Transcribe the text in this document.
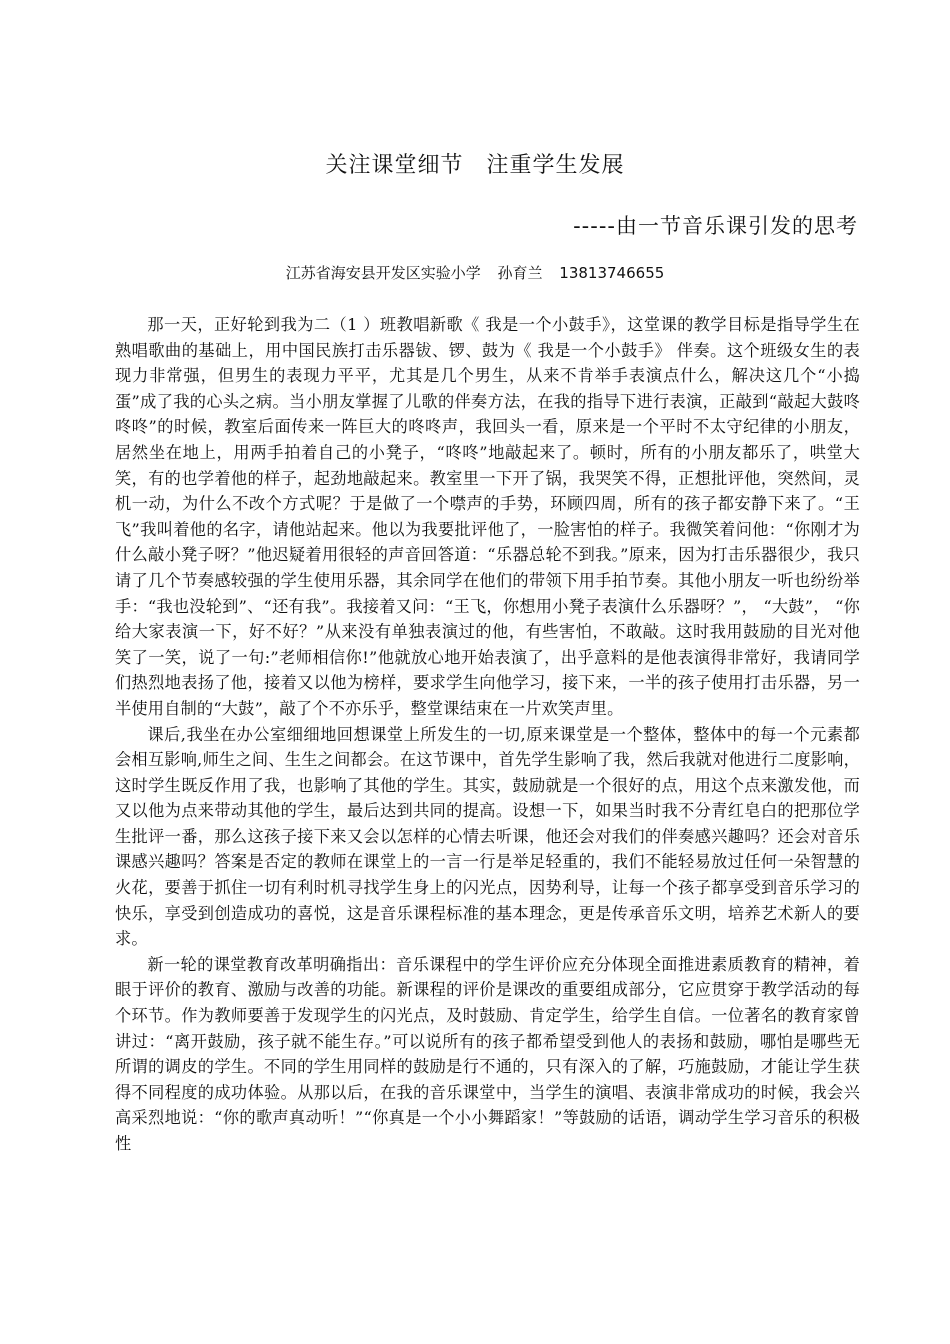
关注课堂细节　注重学生发展
-----由一节音乐课引发的思考
江苏省海安县开发区实验小学 孙育兰 13813746655

那一天，正好轮到我为二（1 ）班教唱新歌《 我是一个小鼓手》，这堂课的教学目标是指导学生在熟唱歌曲的基础上，用中国民族打击乐器钹、锣、鼓为《 我是一个小鼓手》 伴奏。这个班级女生的表现力非常强，但男生的表现力平平，尤其是几个男生，从来不肯举手表演点什么，解决这几个“小捣蛋”成了我的心头之病。当小朋友掌握了儿歌的伴奏方法，在我的指导下进行表演，正敲到“敲起大鼓咚咚咚”的时候，教室后面传来一阵巨大的咚咚声，我回头一看，原来是一个平时不太守纪律的小朋友，居然坐在地上，用两手拍着自己的小凳子，“咚咚”地敲起来了。顿时，所有的小朋友都乐了，哄堂大笑，有的也学着他的样子，起劲地敲起来。教室里一下开了锅，我哭笑不得，正想批评他，突然间，灵机一动，为什么不改个方式呢？于是做了一个噤声的手势，环顾四周，所有的孩子都安静下来了。“王飞”我叫着他的名字，请他站起来。他以为我要批评他了，一脸害怕的样子。我微笑着问他：“你刚才为什么敲小凳子呀？”他迟疑着用很轻的声音回答道：“乐器总轮不到我。”原来，因为打击乐器很少，我只请了几个节奏感较强的学生使用乐器，其余同学在他们的带领下用手拍节奏。其他小朋友一听也纷纷举手：“我也没轮到”、“还有我”。我接着又问：“王飞，你想用小凳子表演什么乐器呀？”， “大鼓”， “你给大家表演一下，好不好？”从来没有单独表演过的他，有些害怕，不敢敲。这时我用鼓励的目光对他笑了一笑，说了一句:”老师相信你!”他就放心地开始表演了，出乎意料的是他表演得非常好，我请同学们热烈地表扬了他，接着又以他为榜样，要求学生向他学习，接下来，一半的孩子使用打击乐器，另一半使用自制的“大鼓”，敲了个不亦乐乎，整堂课结束在一片欢笑声里。

课后,我坐在办公室细细地回想课堂上所发生的一切,原来课堂是一个整体，整体中的每一个元素都会相互影响,师生之间、生生之间都会。在这节课中，首先学生影响了我，然后我就对他进行二度影响，这时学生既反作用了我，也影响了其他的学生。其实，鼓励就是一个很好的点，用这个点来激发他，而又以他为点来带动其他的学生，最后达到共同的提高。设想一下，如果当时我不分青红皂白的把那位学生批评一番，那么这孩子接下来又会以怎样的心情去听课，他还会对我们的伴奏感兴趣吗？还会对音乐课感兴趣吗？答案是否定的教师在课堂上的一言一行是举足轻重的，我们不能轻易放过任何一朵智慧的火花，要善于抓住一切有利时机寻找学生身上的闪光点，因势利导，让每一个孩子都享受到音乐学习的快乐，享受到创造成功的喜悦，这是音乐课程标准的基本理念，更是传承音乐文明，培养艺术新人的要求。

新一轮的课堂教育改革明确指出：音乐课程中的学生评价应充分体现全面推进素质教育的精神，着眼于评价的教育、激励与改善的功能。新课程的评价是课改的重要组成部分，它应贯穿于教学活动的每个环节。作为教师要善于发现学生的闪光点，及时鼓励、肯定学生，给学生自信。一位著名的教育家曾讲过：“离开鼓励，孩子就不能生存。”可以说所有的孩子都希望受到他人的表扬和鼓励，哪怕是哪些无所谓的调皮的学生。不同的学生用同样的鼓励是行不通的，只有深入的了解，巧施鼓励，才能让学生获得不同程度的成功体验。从那以后，在我的音乐课堂中，当学生的演唱、表演非常成功的时候，我会兴高采烈地说：“你的歌声真动听！”“你真是一个小小舞蹈家！”等鼓励的话语，调动学生学习音乐的积极性
